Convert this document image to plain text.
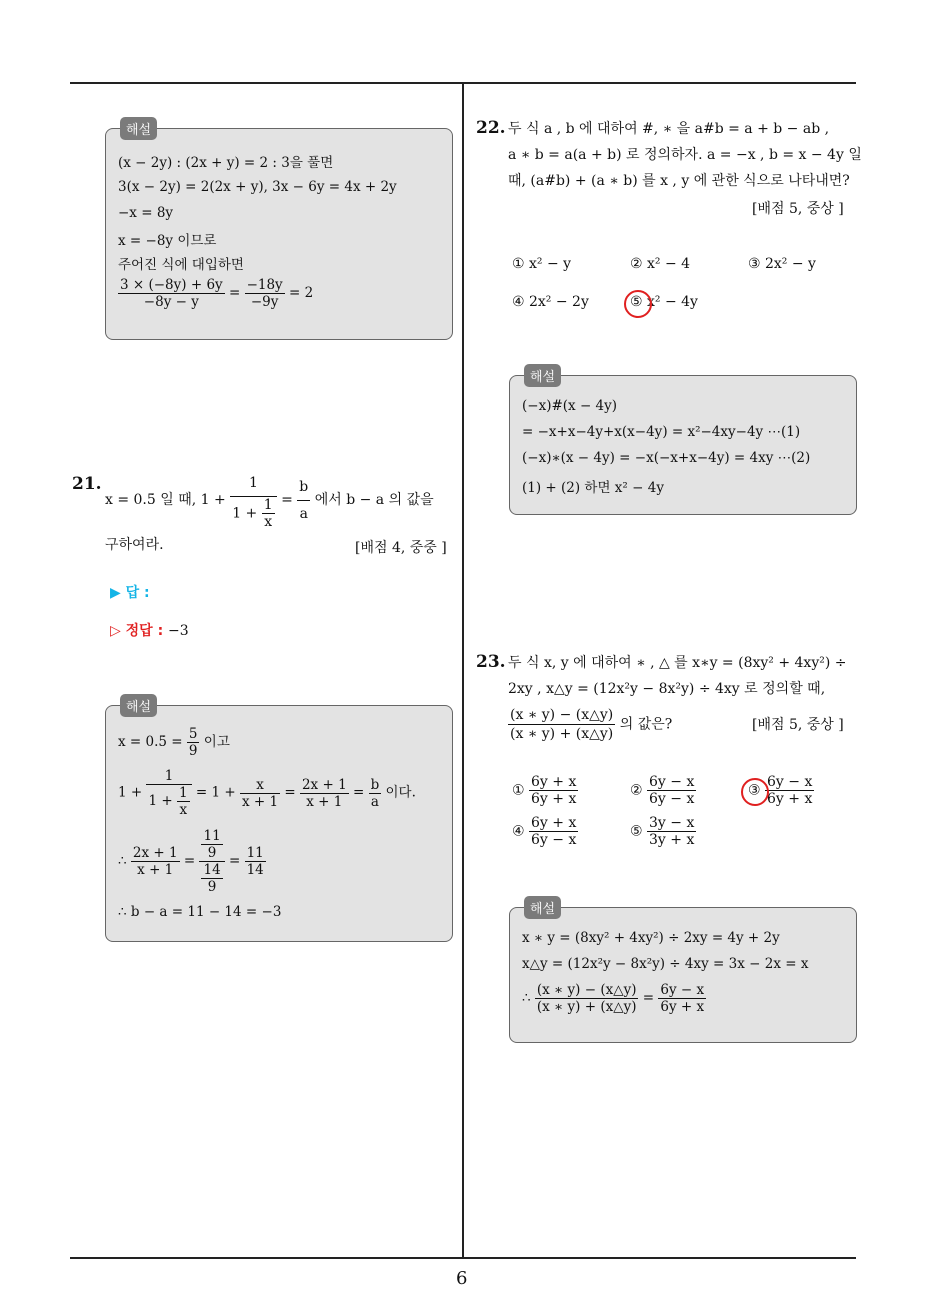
6
해설
(x − 2y) : (2x + y) = 2 : 3을 풀면
3(x − 2y) = 2(2x + y), 3x − 6y = 4x + 2y
−x = 8y
x = −8y 이므로
주어진 식에 대입하면
$\frac{3 \times (-8y) + 6y}{-8y - y} = \frac{-18y}{-9y} = 2$
21.
x = 0.5̇ 일 때, $1 + \frac{1}{1 + \frac{1}{x}} = \frac{b}{a}$ 에서 b − a 의 값을
구하여라.	[배점 4, 중중 ]
▶ 답 :
▷ 정답 : −3
해설
x = 0.5̇ = $\frac{5}{9}$ 이고
$1 + \frac{1}{1 + \frac{1}{x}} = 1 + \frac{x}{x + 1} = \frac{2x + 1}{x + 1} = \frac{b}{a}$ 이다.
∴ $\frac{2x + 1}{x + 1} = \frac{\frac{11}{9}}{\frac{14}{9}} = \frac{11}{14}$
∴ b − a = 11 − 14 = −3
22. 두 식 a , b 에 대하여 #, ∗ 을 a#b = a + b − ab ,
a ∗ b = a(a + b) 로 정의하자. a = −x , b = x − 4y 일
때, (a#b) + (a ∗ b) 를 x , y 에 관한 식으로 나타내면?
[배점 5, 중상 ]
① x² − y	② x² − 4	③ 2x² − y
④ 2x² − 2y	⑤ x² − 4y
해설
(−x)#(x − 4y)
= −x+x−4y+x(x−4y) = x²−4xy−4y ⋯(1)
(−x)∗(x − 4y) = −x(−x+x−4y) = 4xy ⋯(2)
(1) + (2) 하면 x² − 4y
23. 두 식 x, y 에 대하여 ∗ , △ 를 x∗y = (8xy² + 4xy²) ÷
2xy , x△y = (12x²y − 8x²y) ÷ 4xy 로 정의할 때,
$\frac{(x ∗ y) - (x\triangle y)}{(x ∗ y) + (x\triangle y)}$ 의 값은?	[배점 5, 중상 ]
① $\frac{6y + x}{6y + x}$	② $\frac{6y - x}{6y - x}$	③ $\frac{6y - x}{6y + x}$
④ $\frac{6y + x}{6y - x}$	⑤ $\frac{3y - x}{3y + x}$
해설
x ∗ y = (8xy² + 4xy²) ÷ 2xy = 4y + 2y
x△y = (12x²y − 8x²y) ÷ 4xy = 3x − 2x = x
∴ $\frac{(x ∗ y) - (x\triangle y)}{(x ∗ y) + (x\triangle y)} = \frac{6y - x}{6y + x}$
